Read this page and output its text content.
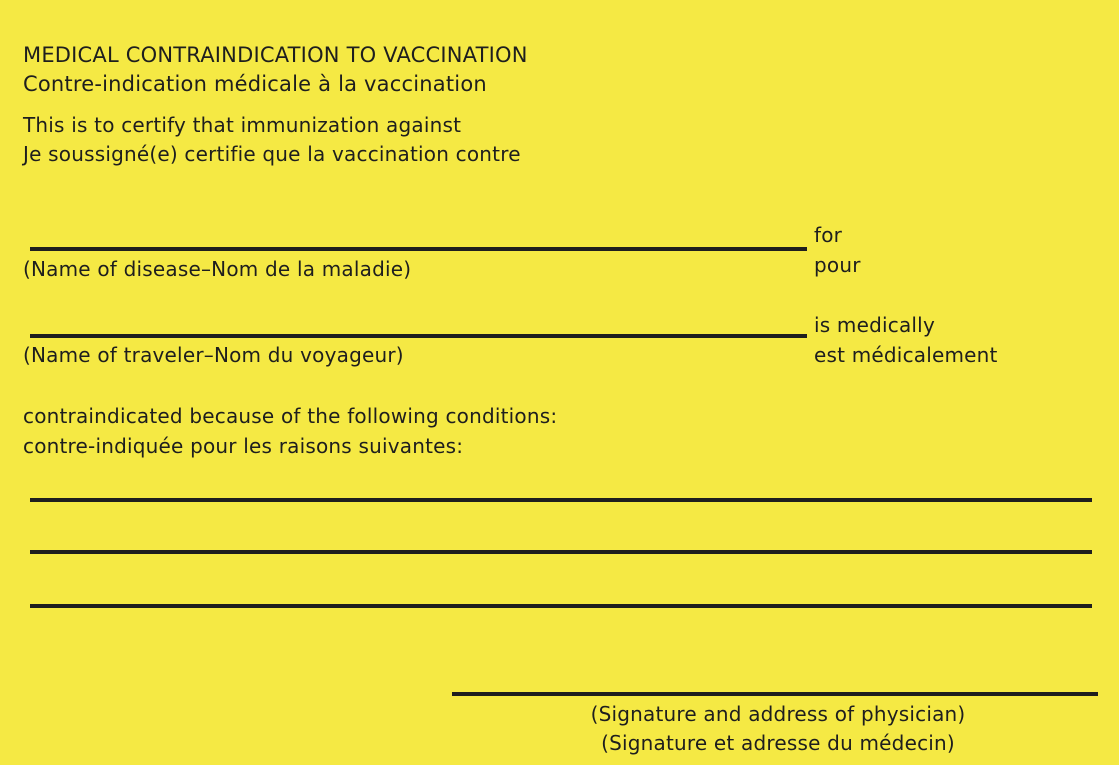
MEDICAL CONTRAINDICATION TO VACCINATION
Contre-indication médicale à la vaccination

This is to certify that immunization against

Je soussigné(e) certifie que la vaccination contre

(Name of disease–Nom de la maladie)
for
pour
(Name of traveler–Nom du voyageur)
is medically
est médicalement

contraindicated because of the following conditions:

contre-indiquée pour les raisons suivantes:

(Signature and address of physician)
(Signature et adresse du médecin)
